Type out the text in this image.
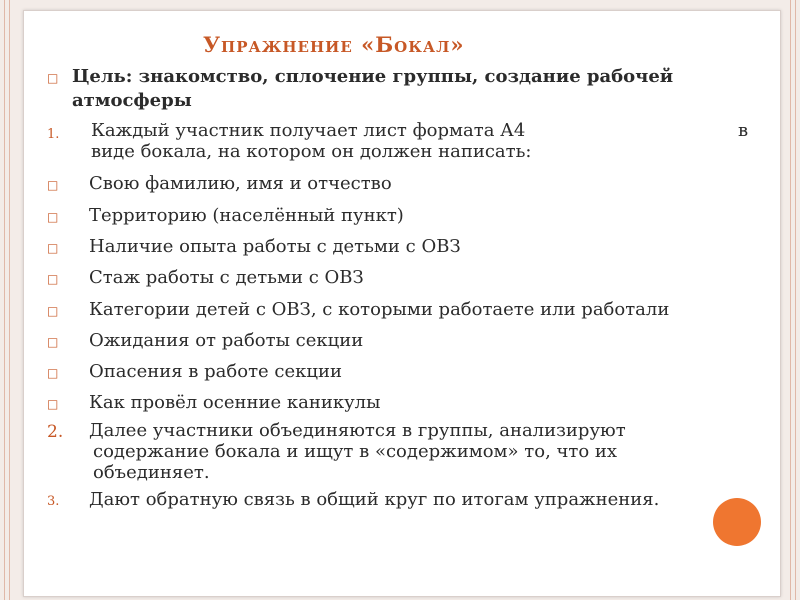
Упражнение «Бокал»
□ Цель: знакомство, сплочение группы, создание рабочей
атмосферы
1. Каждый участник получает лист формата А4	в
виде бокала, на котором он должен написать:
□ Свою фамилию, имя и отчество
□ Территорию (населённый пункт)
□ Наличие опыта работы с детьми с ОВЗ
□ Стаж работы с детьми с ОВЗ
□ Категории детей с ОВЗ, с которыми работаете или работали
□ Ожидания от работы секции
□ Опасения в работе секции
□ Как провёл осенние каникулы
2. Далее участники объединяются в группы, анализируют
содержание бокала и ищут в «содержимом» то, что их
объединяет.
3. Дают обратную связь в общий круг по итогам упражнения.
